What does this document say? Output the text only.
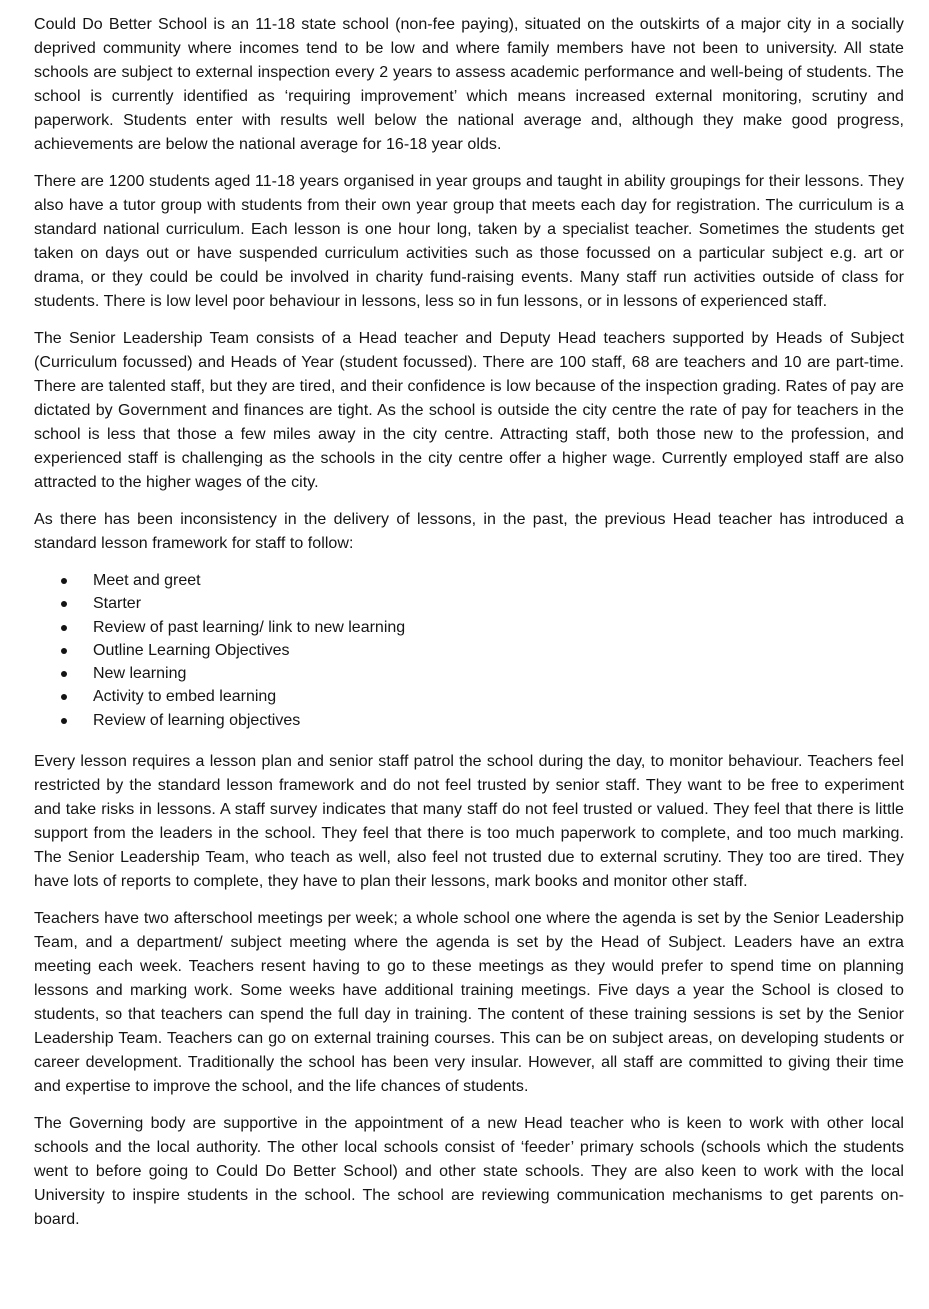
Could Do Better School is an 11-18 state school (non-fee paying), situated on the outskirts of a major city in a socially deprived community where incomes tend to be low and where family members have not been to university. All state schools are subject to external inspection every 2 years to assess academic performance and well-being of students. The school is currently identified as ‘requiring improvement’ which means increased external monitoring, scrutiny and paperwork. Students enter with results well below the national average and, although they make good progress, achievements are below the national average for 16-18 year olds.

There are 1200 students aged 11-18 years organised in year groups and taught in ability groupings for their lessons. They also have a tutor group with students from their own year group that meets each day for registration. The curriculum is a standard national curriculum. Each lesson is one hour long, taken by a specialist teacher. Sometimes the students get taken on days out or have suspended curriculum activities such as those focussed on a particular subject e.g. art or drama, or they could be could be involved in charity fund-raising events. Many staff run activities outside of class for students. There is low level poor behaviour in lessons, less so in fun lessons, or in lessons of experienced staff.

The Senior Leadership Team consists of a Head teacher and Deputy Head teachers supported by Heads of Subject (Curriculum focussed) and Heads of Year (student focussed). There are 100 staff, 68 are teachers and 10 are part-time. There are talented staff, but they are tired, and their confidence is low because of the inspection grading. Rates of pay are dictated by Government and finances are tight. As the school is outside the city centre the rate of pay for teachers in the school is less that those a few miles away in the city centre. Attracting staff, both those new to the profession, and experienced staff is challenging as the schools in the city centre offer a higher wage. Currently employed staff are also attracted to the higher wages of the city.

As there has been inconsistency in the delivery of lessons, in the past, the previous Head teacher has introduced a standard lesson framework for staff to follow:

Meet and greet
Starter
Review of past learning/ link to new learning
Outline Learning Objectives
New learning
Activity to embed learning
Review of learning objectives

Every lesson requires a lesson plan and senior staff patrol the school during the day, to monitor behaviour. Teachers feel restricted by the standard lesson framework and do not feel trusted by senior staff. They want to be free to experiment and take risks in lessons. A staff survey indicates that many staff do not feel trusted or valued. They feel that there is little support from the leaders in the school. They feel that there is too much paperwork to complete, and too much marking. The Senior Leadership Team, who teach as well, also feel not trusted due to external scrutiny. They too are tired. They have lots of reports to complete, they have to plan their lessons, mark books and monitor other staff.

Teachers have two afterschool meetings per week; a whole school one where the agenda is set by the Senior Leadership Team, and a department/ subject meeting where the agenda is set by the Head of Subject. Leaders have an extra meeting each week. Teachers resent having to go to these meetings as they would prefer to spend time on planning lessons and marking work. Some weeks have additional training meetings. Five days a year the School is closed to students, so that teachers can spend the full day in training. The content of these training sessions is set by the Senior Leadership Team. Teachers can go on external training courses. This can be on subject areas, on developing students or career development. Traditionally the school has been very insular. However, all staff are committed to giving their time and expertise to improve the school, and the life chances of students.

The Governing body are supportive in the appointment of a new Head teacher who is keen to work with other local schools and the local authority. The other local schools consist of ‘feeder’ primary schools (schools which the students went to before going to Could Do Better School) and other state schools. They are also keen to work with the local University to inspire students in the school. The school are reviewing communication mechanisms to get parents on-board.
